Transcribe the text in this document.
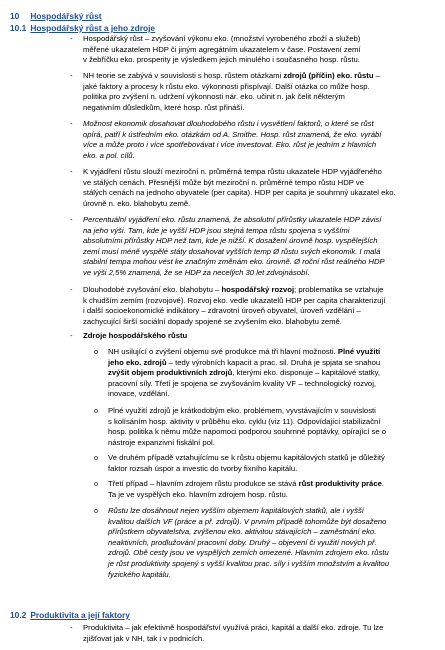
10 Hospodářský růst
10.1 Hospodářský růst a jeho zdroje
- Hospodářský růst – zvyšování výkonu eko. (množství vyrobeného zboží a služeb)
měřené ukazatelem HDP či jiným agregátním ukazatelem v čase. Postavení zemí
v žebříčku eko. prosperity je výsledkem jejich minulého i současného hosp. růstu.
- NH teorie se zabývá v souvislosti s hosp. růstem otázkami zdrojů (příčin) eko. růstu –
jaké faktory a procesy k růstu eko. výkonnosti přispívají. Další otázka co může hosp.
politika pro zvýšení n. udržení výkonnosti nár. eko. učinit n. jak čelit některým
negativním důsledkům, které hosp. růst přináší.
- Možnost ekonomik dosahovat dlouhodobého růstu i vysvětlení faktorů, o které se růst
opírá, patří k ústředním eko. otázkám od A. Smithe. Hosp. růst znamená, že eko. vyrábí
více a může proto i více spotřebovávat i více investovat. Eko. růst je jedním z hlavních
eko. a pol. cílů.
- K vyjádření růstu slouží meziroční n. průměrná tempa růstu ukazatele HDP vyjádřeného
ve stálých cenách. Přesnější může být meziroční n. průměrné tempo růstu HDP ve
stálých cenách na jednoho obyvatele (per capita). HDP per capita je souhrnný ukazatel eko.
úrovně n. eko. blahobytu země.
- Percentuální vyjádření eko. růstu znamená, že absolutní přírůstky ukazatele HDP závisí
na jeho výši. Tam, kde je vyšší HDP jsou stejná tempa růstu spojena s vyššími
absolutními přírůstky HDP než tam, kde je nižší. K dosažení úrovně hosp. vyspělejších
zemí musí méně vyspělé státy dosahovat vyšších temp Ø růstu svých ekonomik. I malá
stabilní tempa mohou vést ke značným změnám eko. úrovně. Ø roční růst reálného HDP
ve výši 2,5% znamená, že se HDP za necelých 30 let zdvojnásobí.
- Dlouhodobé zvyšování eko. blahobytu – hospodářský rozvoj; problematika se vztahuje
k chudším zemím (rozvojové). Rozvoj eko. vedle ukazatelů HDP per capita charakterizují
i další socioekonomické indikátory – zdravotní úroveň obyvatel, úroveň vzdělání –
zachycující širší sociální dopady spojené se zvyšením eko. blahobytu země.
- Zdroje hospodářského růstu
o NH usilující o zvýšení objemu své produkce má tři hlavní možnosti. Plné využití
jeho eko. zdrojů – tedy výrobních kapacit a prac. sil. Druhá je spjata se snahou
zvýšit objem produktivních zdrojů, kterými eko. disponuje – kapitálové statky,
pracovní síly. Třetí je spojena se zvyšováním kvality VF – technologický rozvoj,
inovace, vzdělání.
o Plné využití zdrojů je krátkodobým eko. problémem, vyvstávajícím v souvislosti
s kolísáním hosp. aktivity v průběhu eko. cyklu (viz 11). Odpovídající stabilizační
hosp. politika k němu může napomoci podporou souhrnné poptávky, opírající se o
nástroje expanzivní fiskální pol.
o Ve druhém případě vztahujícímu se k růstu objemu kapitálových statků je důležitý
faktor rozsah úspor a investic do tvorby fixního kapitálu.
o Třetí případ – hlavním zdrojem růstu produkce se stává růst produktivity práce.
Ta je ve vyspělých eko. hlavním zdrojem hosp. růstu.
o Růstu lze dosáhnout nejen vyšším objemem kapitálových statků, ale i vyšší
kvalitou dalších VF (práce a př. zdrojů). V prvním případě tohomůže být dosaženo
přírůstkem obyvatelstva, zvýšenou eko. aktivitou stávajících – zaměstnání eko.
neaktivních, prodlužování pracovní doby. Druhý – objevení či využití nových př.
zdrojů. Obě cesty jsou ve vyspělých zemích omezené. Hlavním zdrojem eko. růstu
je růst produktivity spojený s vyšší kvalitou prac. síly i vyšším množstvím a kvalitou
fyzického kapitálu.
10.2 Produktivita a její faktory
- Produktivita – jak efektivně hospodářství využívá práci, kapitál a další eko. zdroje. Tu lze
zjišťovat jak v NH, tak i v podnicích.
